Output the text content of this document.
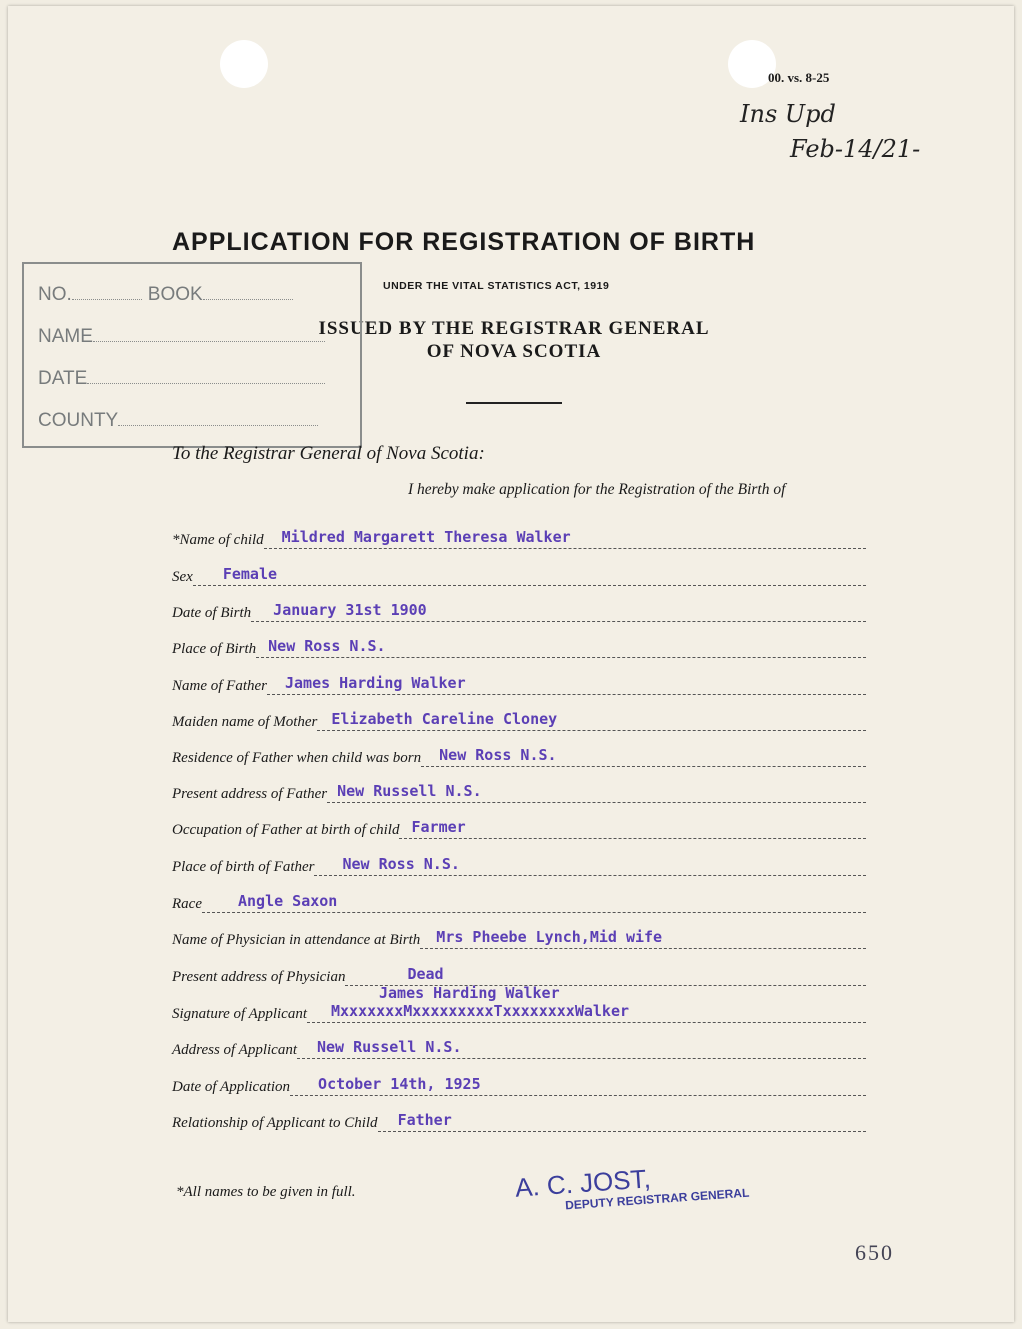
00. vs. 8-25
Ins Upd
Feb-14/21-
APPLICATION FOR REGISTRATION OF BIRTH
UNDER THE VITAL STATISTICS ACT, 1919
ISSUED BY THE REGISTRAR GENERAL
OF NOVA SCOTIA
NO.	BOOK
NAME
DATE
COUNTY
To the Registrar General of Nova Scotia:
I hereby make application for the Registration of the Birth of
*Name of child Mildred Margarett Theresa Walker
Sex Female
Date of Birth January 31st 1900
Place of Birth New Ross N.S.
Name of Father James Harding Walker
Maiden name of Mother Elizabeth Careline Cloney
Residence of Father when child was born New Ross N.S.
Present address of Father New Russell N.S.
Occupation of Father at birth of child Farmer
Place of birth of Father New Ross N.S.
Race Angle Saxon
Name of Physician in attendance at Birth Mrs Pheebe Lynch,Mid wife
Present address of Physician	Dead
Signature of Applicant MxxxxxxxMxxxxxxxxxTxxxxxxxxWalker
James Harding Walker
Address of Applicant New Russell N.S.
Date of Application October 14th, 1925
Relationship of Applicant to Child Father
*All names to be given in full.	A. C. JOST,
DEPUTY REGISTRAR GENERAL
650
